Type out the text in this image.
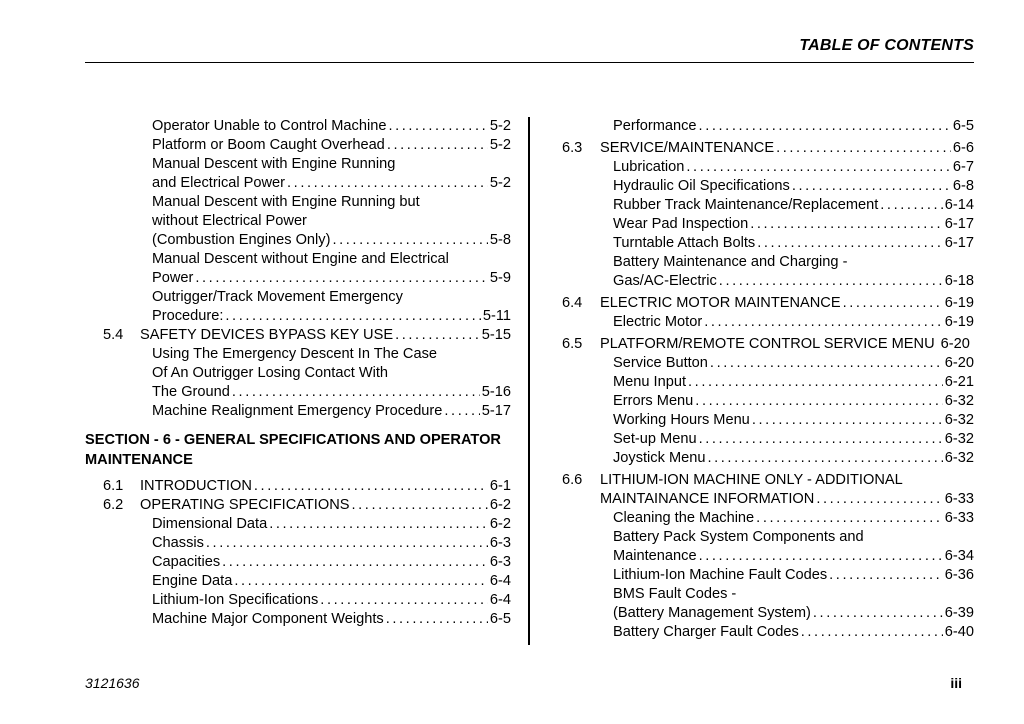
TABLE OF CONTENTS
Operator Unable to Control Machine .....	5-2
Platform or Boom Caught Overhead .....	5-2
Manual Descent with Engine Running
and Electrical Power .....	5-2
Manual Descent with Engine Running but
without Electrical Power
(Combustion Engines Only) .....	5-8
Manual Descent without Engine and Electrical
Power .....	5-9
Outrigger/Track Movement Emergency
Procedure: .....	5-11
5.4 SAFETY DEVICES BYPASS KEY USE .....	5-15
Using The Emergency Descent In The Case
Of An Outrigger Losing Contact With
The Ground .....	5-16
Machine Realignment Emergency Procedure .....	5-17
SECTION - 6 - GENERAL SPECIFICATIONS AND OPERATOR MAINTENANCE
6.1 INTRODUCTION .....	6-1
6.2 OPERATING SPECIFICATIONS .....	6-2
Dimensional Data .....	6-2
Chassis .....	6-3
Capacities .....	6-3
Engine Data .....	6-4
Lithium-Ion Specifications .....	6-4
Machine Major Component Weights .....	6-5
Performance .....	6-5
6.3 SERVICE/MAINTENANCE .....	6-6
Lubrication .....	6-7
Hydraulic Oil Specifications .....	6-8
Rubber Track Maintenance/Replacement .....	6-14
Wear Pad Inspection .....	6-17
Turntable Attach Bolts .....	6-17
Battery Maintenance and Charging -
Gas/AC-Electric .....	6-18
6.4 ELECTRIC MOTOR MAINTENANCE .....	6-19
Electric Motor .....	6-19
6.5 PLATFORM/REMOTE CONTROL SERVICE MENU 6-20
Service Button .....	6-20
Menu Input .....	6-21
Errors Menu .....	6-32
Working Hours Menu .....	6-32
Set-up Menu .....	6-32
Joystick Menu .....	6-32
6.6 LITHIUM-ION MACHINE ONLY - ADDITIONAL
MAINTAINANCE INFORMATION .....	6-33
Cleaning the Machine .....	6-33
Battery Pack System Components and
Maintenance .....	6-34
Lithium-Ion Machine Fault Codes .....	6-36
BMS Fault Codes -
(Battery Management System) .....	6-39
Battery Charger Fault Codes .....	6-40
3121636	iii
